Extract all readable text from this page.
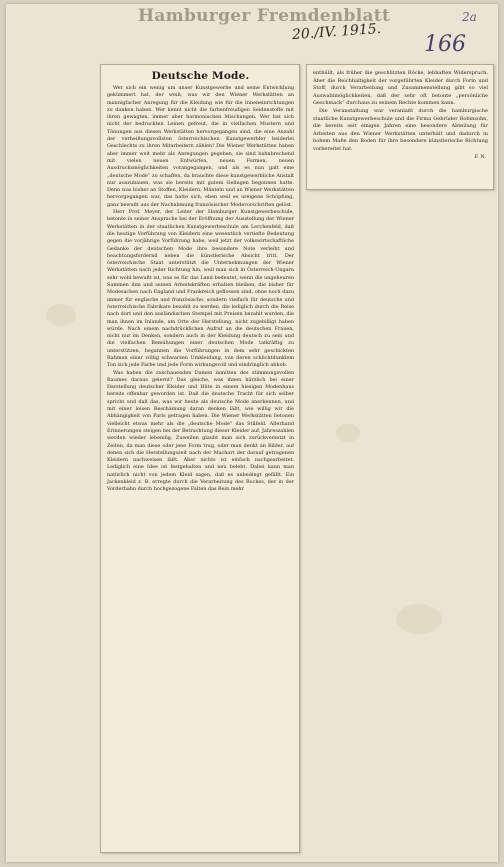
Hamburger Fremdenblatt
20./IV. 1915.
2a
166
Deutsche Mode.

Wer sich ein wenig um unser Kunstgewerbe und seine Entwicklung gekümmert hat, der weiß, was wir den Wiener Werkstätten an mannigfacher Anregung für die Kleidung wie für die Inneneinrichtungen zu danken haben. Wer kennt nicht die farbenfreudigen Seidenstoffe mit ihren gewagten, immer aber harmonischen Mischungen. Wer hat sich nicht der bedruckten Leinen gefreut, die in vielfachen Mustern und Tönungen aus diesen Werkstätten hervorgegangen sind, die eine Anzahl der verheißungsvollsten österreichischen Kunstgewerbler beiderlei Geschlechts zu ihren Mitarbeitern zählen! Die Wiener Werkstätten haben aber immer weit mehr als Anregungen gegeben, sie sind bahnbrechend mit vielen neuen Entwürfen, neuen Formen, neuen Ausdrucksmöglichkeiten vorangegangen, und als es nun galt eine „deutsche Mode“ zu schaffen, da brauchte diese kunstgewerbliche Anstalt nur auszubauen, was sie bereits mit gutem Gelingen begonnen hatte. Denn was bisher an Stoffen, Kleidern, Mänteln und an Wiener Werkstätten hervorgegangen war, das hatte sich, eben weil es ureigene Schöpfung, ganz bewußt aus der Nachahmung französischer Modevorschriften gelöst.

Herr Prof. Meyer, der Leiter der Hamburger Kunstgewerbeschule, betonte in seiner Ansprache bei der Eröffnung der Ausstellung der Wiener Werkstätten in der staatlichen Kunstgewerbeschule am Lerchenfeld, daß die heutige Vorführung von Kleidern eine wesentlich vertiefte Bedeutung gegen die vorjährige Vorführung habe, weil jetzt der volkswirtschaftliche Gedanke der deutschen Mode ihre besondere Note verleiht und beachtungsfordernd neben die künstlerische Absicht tritt. Der österreichische Staat unterstützt die Unternehmungen der Wiener Werkstätten nach jeder Richtung hin, weil man sich in Österreich-Ungarn sehr wohl bewußt ist, was es für das Land bedeutet, wenn die ungeheuren Summen ihm und seinen Arbeitskräften erhalten bleiben, die bisher für Modesachen nach England und Frankreich geflossen sind, ohne noch dazu immer für englische und französische, sondern vielfach für deutsche und österreichische Fabrikate bezahlt zu werden, die lediglich durch die Reise nach dort und den ausländischen Stempel mit Preisen bezahlt wurden, die man ihnen im Inlande, am Orte der Herstellung, nicht zugebilligt haben würde. Nach einem nachdrücklichen Aufruf an die deutschen Frauen, nicht nur im Denken, sondern auch in der Kleidung deutsch zu sein und die vielfachen Bemühungen einer deutschen Mode tatkräftig zu unterstützen, begannen die Vorführungen in dem sehr geschickten Rahmen einer völlig schwarzen Umkleidung, von deren schlichtdunklem Ton sich jede Farbe und jede Form wirkungsvoll und eindringlich abhob.

Was haben die zuschauenden Damen inmitten des stimmungsvollen Raumes daraus gelernt? Das gleiche, was ihnen kürzlich bei einer Darstellung deutscher Kleider und Hüte in einem hiesigen Modenhaus bereits offenbar geworden ist. Daß die deutsche Tracht für sich selber spricht und daß das, was wir heute als deutsche Mode anerkennen, und mit einer leisen Beschämung daran denken läßt, wie willig wir die Abhängigkeit von Paris getragen haben. Die Wiener Werkstätten betonen vielleicht etwas mehr als die „deutsche Mode“ das Stilfeld. Allerhand Erinnerungen steigen bei der Betrachtung dieser Kleider auf, Jahreszahlen werden wieder lebendig. Zuweilen glaubt man sich zurückversetzt in Zeiten, da man diese oder jene Form trug, oder man denkt an Bilder, auf denen sich die Herstellungszeit nach der Machart der darauf getragenen Kleidern nachweisen läßt. Aber nichts ist einfach nachgearbeitet. Lediglich eine Idee ist festgehalten und neu belebt. Dabei kann man natürlich nicht von jedem Kleid sagen, daß es unbedingt gefällt. Ein Jackenkleid z. B. erregte durch die Verarbeitung des Rockes, der in der Vorderbahn durch hochgezogene Falten das Bein mehr

enthüllt, als früher die geschlitzten Röcke, lebhaften Widerspruch. Aber die Reichhaltigkeit der vorgeführten Kleider durch Form und Stoff, durch Verarbeitung und Zusammenstellung gibt so viel Auswahlmöglichkeiten, daß der sehr oft betonte „persönliche Geschmack“ durchaus zu seinem Rechte kommen kann.

Die Veranstaltung war veranlaßt durch die hamburgische staatliche Kunstgewerbeschule und die Firma Gebrüder Robinsohn, die bereits seit einigen Jahren eine besondere Abteilung für Arbeiten aus den Wiener Werkstätten unterhält und dadurch in hohem Maße den Boden für ihre besondere künstlerische Richtung vorbereitet hat.

F. N.
